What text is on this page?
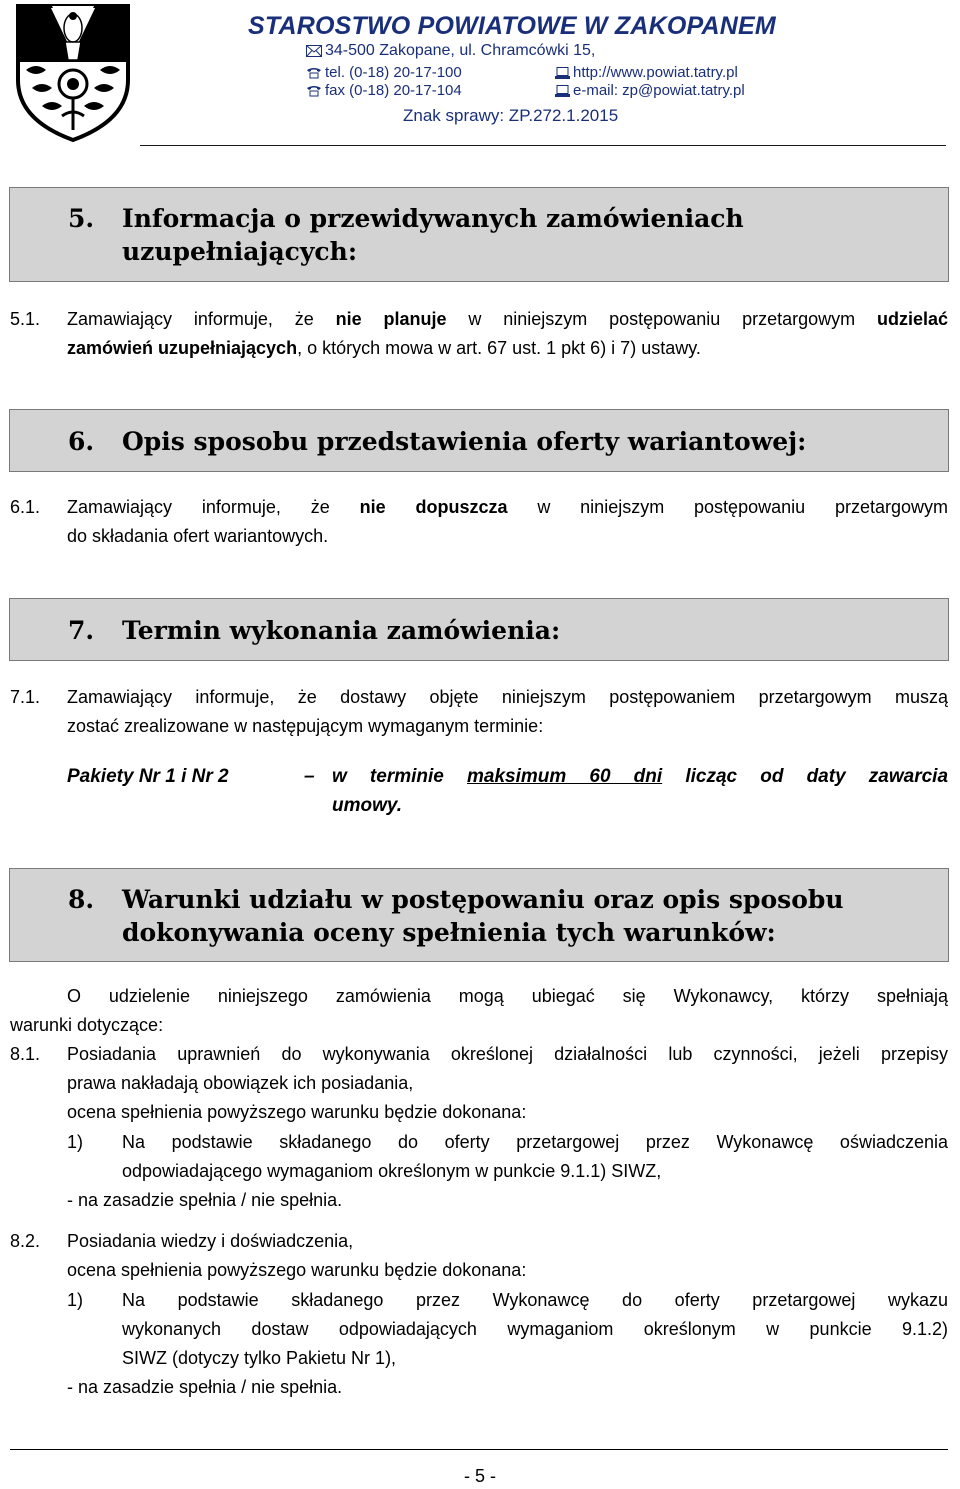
STAROSTWO POWIATOWE W ZAKOPANEM
34-500 Zakopane, ul. Chramcówki 15,
tel. (0-18) 20-17-100	http://www.powiat.tatry.pl
fax (0-18) 20-17-104	e-mail: zp@powiat.tatry.pl
Znak sprawy: ZP.272.1.2015
5. Informacja o przewidywanych zamówieniach
uzupełniających:
5.1. Zamawiający informuje, że nie planuje w niniejszym postępowaniu przetargowym udzielać
zamówień uzupełniających, o których mowa w art. 67 ust. 1 pkt 6) i 7) ustawy.
6. Opis sposobu przedstawienia oferty wariantowej:
6.1. Zamawiający informuje, że nie dopuszcza w niniejszym postępowaniu przetargowym
do składania ofert wariantowych.
7. Termin wykonania zamówienia:
7.1. Zamawiający informuje, że dostawy objęte niniejszym postępowaniem przetargowym muszą
zostać zrealizowane w następującym wymaganym terminie:
Pakiety Nr 1 i Nr 2	– w terminie maksimum 60 dni licząc od daty zawarcia
umowy.
8. Warunki udziału w postępowaniu oraz opis sposobu
dokonywania oceny spełnienia tych warunków:
O udzielenie niniejszego zamówienia mogą ubiegać się Wykonawcy, którzy spełniają
warunki dotyczące:
8.1. Posiadania uprawnień do wykonywania określonej działalności lub czynności, jeżeli przepisy
prawa nakładają obowiązek ich posiadania,
ocena spełnienia powyższego warunku będzie dokonana:
1) Na podstawie składanego do oferty przetargowej przez Wykonawcę oświadczenia
odpowiadającego wymaganiom określonym w punkcie 9.1.1) SIWZ,
- na zasadzie spełnia / nie spełnia.
8.2. Posiadania wiedzy i doświadczenia,
ocena spełnienia powyższego warunku będzie dokonana:
1) Na podstawie składanego przez Wykonawcę do oferty przetargowej wykazu
wykonanych dostaw odpowiadających wymaganiom określonym w punkcie 9.1.2)
SIWZ (dotyczy tylko Pakietu Nr 1),
- na zasadzie spełnia / nie spełnia.
- 5 -
